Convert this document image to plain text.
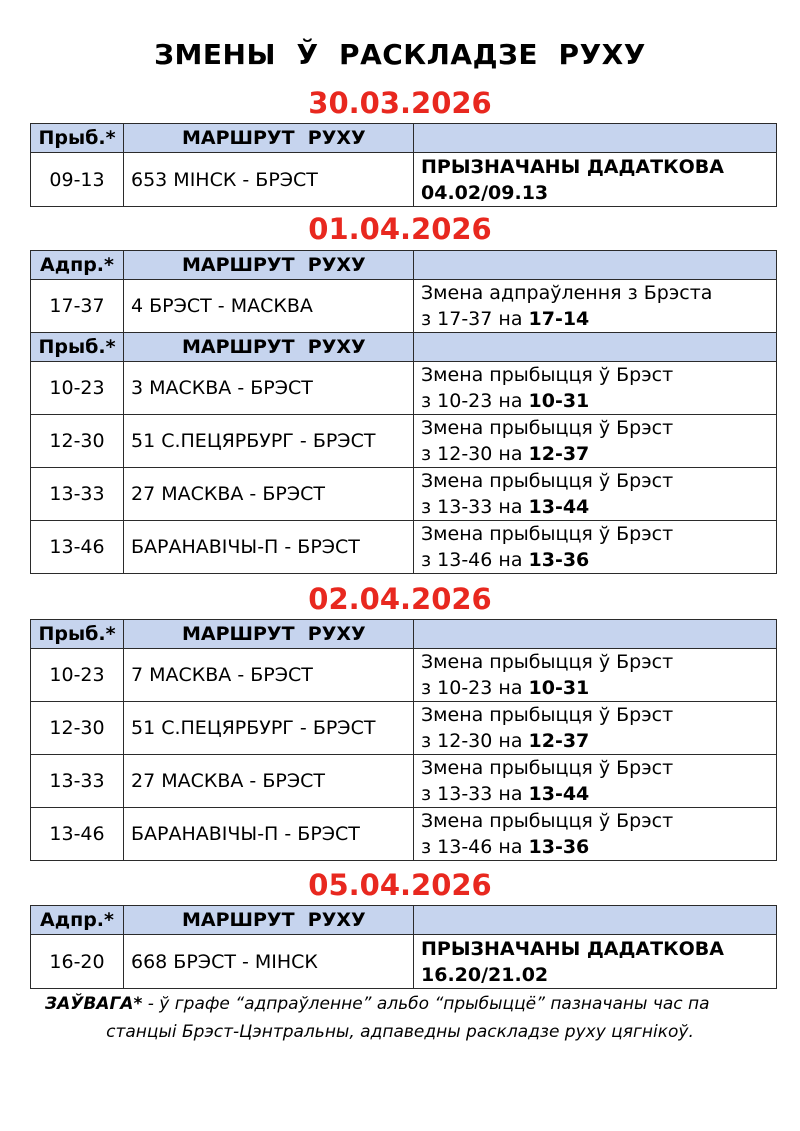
ЗМЕНЫ  Ў  РАСКЛАДЗЕ  РУХУ
30.03.2026
Прыб.*	МАРШРУТ  РУХУ	
09-13	653 МІНСК - БРЭСТ	ПРЫЗНАЧАНЫ ДАДАТКОВА
04.02/09.13
01.04.2026
Адпр.*	МАРШРУТ  РУХУ	
17-37	4 БРЭСТ - МАСКВА	Змена адпраўлення з Брэста
з 17-37 на 17-14
Прыб.*	МАРШРУТ  РУХУ	
10-23	3 МАСКВА - БРЭСТ	Змена прыбыцця ў Брэст
з 10-23 на 10-31
12-30	51 С.ПЕЦЯРБУРГ - БРЭСТ	Змена прыбыцця ў Брэст
з 12-30 на 12-37
13-33	27 МАСКВА - БРЭСТ	Змена прыбыцця ў Брэст
з 13-33 на 13-44
13-46	БАРАНАВІЧЫ-П - БРЭСТ	Змена прыбыцця ў Брэст
з 13-46 на 13-36
02.04.2026
Прыб.*	МАРШРУТ  РУХУ	
10-23	7 МАСКВА - БРЭСТ	Змена прыбыцця ў Брэст
з 10-23 на 10-31
12-30	51 С.ПЕЦЯРБУРГ - БРЭСТ	Змена прыбыцця ў Брэст
з 12-30 на 12-37
13-33	27 МАСКВА - БРЭСТ	Змена прыбыцця ў Брэст
з 13-33 на 13-44
13-46	БАРАНАВІЧЫ-П - БРЭСТ	Змена прыбыцця ў Брэст
з 13-46 на 13-36
05.04.2026
Адпр.*	МАРШРУТ  РУХУ	
16-20	668 БРЭСТ - МІНСК	ПРЫЗНАЧАНЫ ДАДАТКОВА
16.20/21.02
ЗАЎВАГА* - ў графе “адпраўленне” альбо “прыбыццё” пазначаны час па
станцыі Брэст-Цэнтральны, адпаведны раскладзе руху цягнікоў.
